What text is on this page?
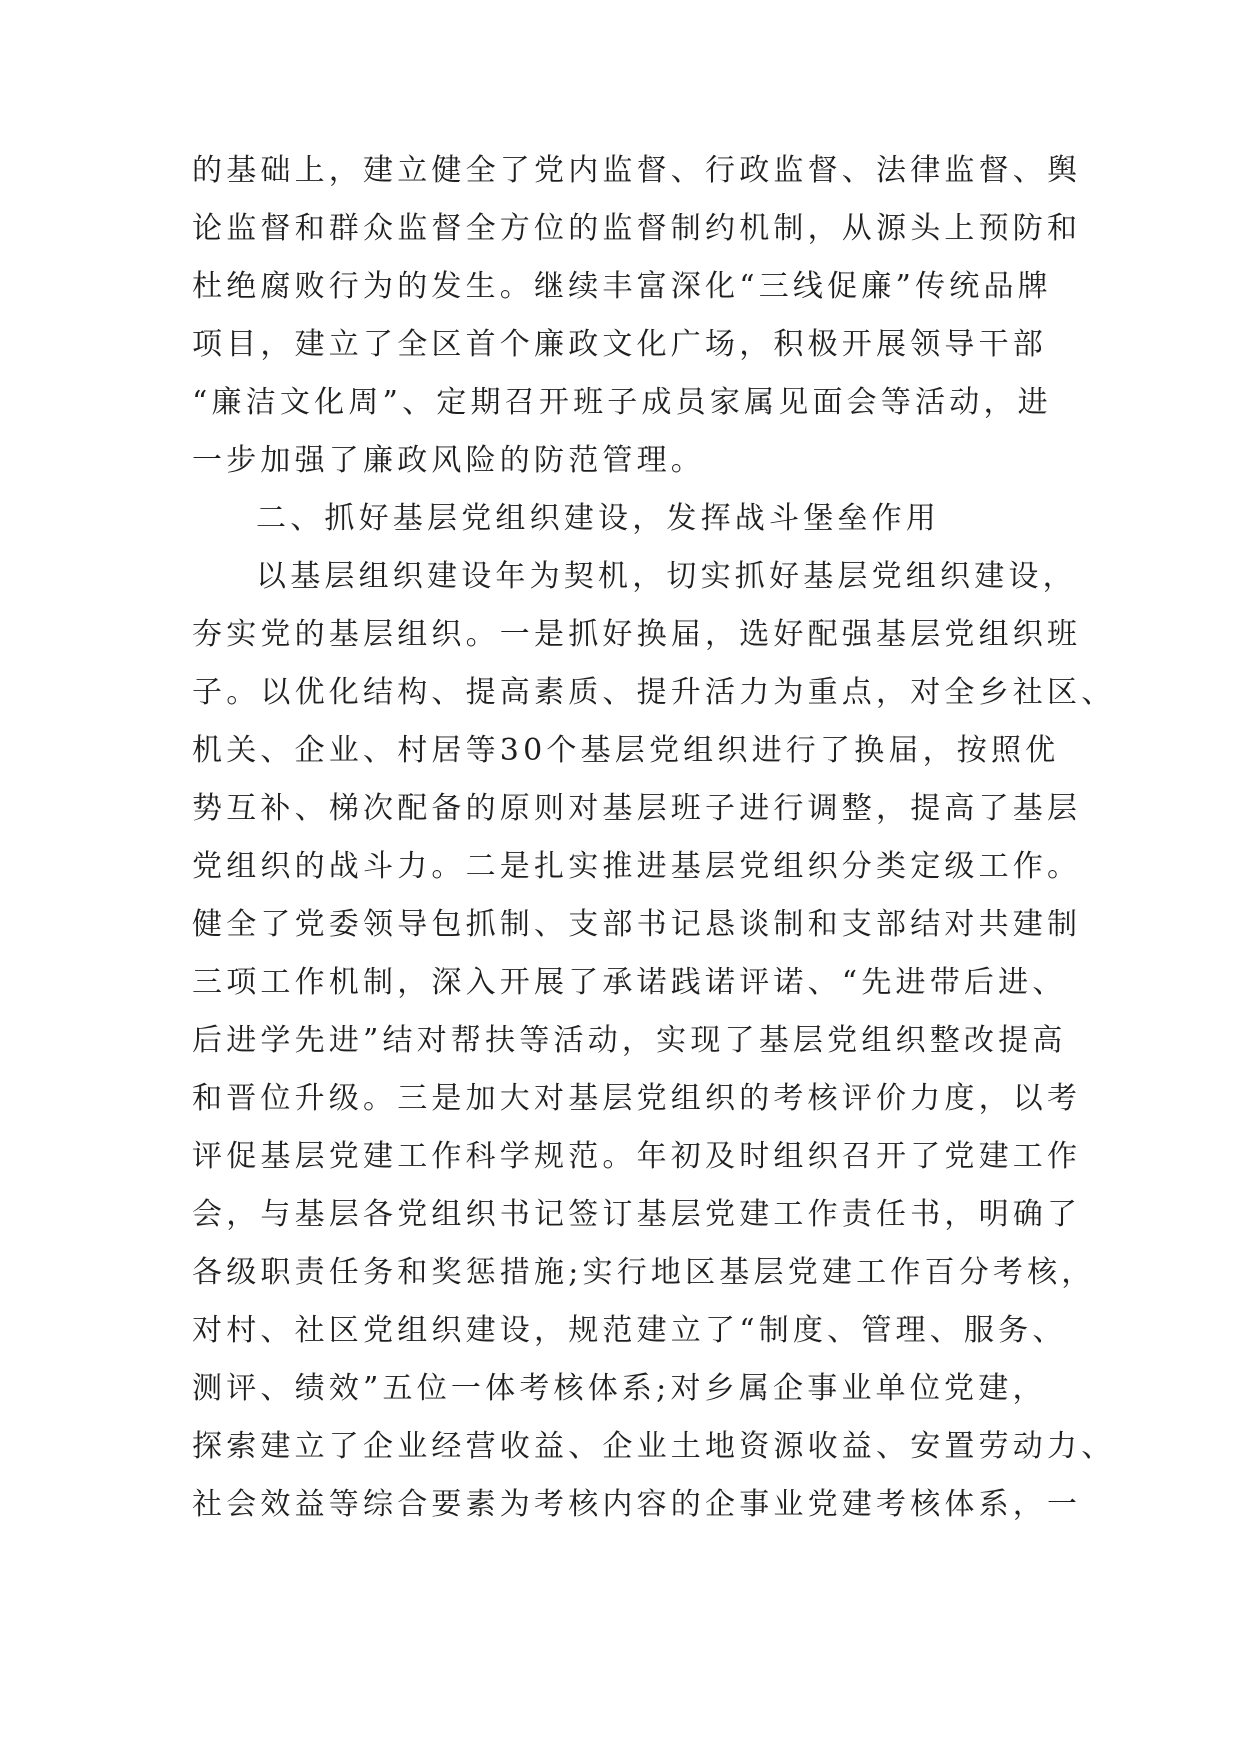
的基础上，建立健全了党内监督、行政监督、法律监督、舆
论监督和群众监督全方位的监督制约机制，从源头上预防和
杜绝腐败行为的发生。继续丰富深化“三线促廉”传统品牌
项目，建立了全区首个廉政文化广场，积极开展领导干部
“廉洁文化周”、定期召开班子成员家属见面会等活动，进
一步加强了廉政风险的防范管理。
二、抓好基层党组织建设，发挥战斗堡垒作用
以基层组织建设年为契机，切实抓好基层党组织建设，
夯实党的基层组织。一是抓好换届，选好配强基层党组织班
子。以优化结构、提高素质、提升活力为重点，对全乡社区、
机关、企业、村居等30个基层党组织进行了换届，按照优
势互补、梯次配备的原则对基层班子进行调整，提高了基层
党组织的战斗力。二是扎实推进基层党组织分类定级工作。
健全了党委领导包抓制、支部书记恳谈制和支部结对共建制
三项工作机制，深入开展了承诺践诺评诺、“先进带后进、
后进学先进”结对帮扶等活动，实现了基层党组织整改提高
和晋位升级。三是加大对基层党组织的考核评价力度，以考
评促基层党建工作科学规范。年初及时组织召开了党建工作
会，与基层各党组织书记签订基层党建工作责任书，明确了
各级职责任务和奖惩措施;实行地区基层党建工作百分考核，
对村、社区党组织建设，规范建立了“制度、管理、服务、
测评、绩效”五位一体考核体系;对乡属企事业单位党建，
探索建立了企业经营收益、企业土地资源收益、安置劳动力、
社会效益等综合要素为考核内容的企事业党建考核体系，一
